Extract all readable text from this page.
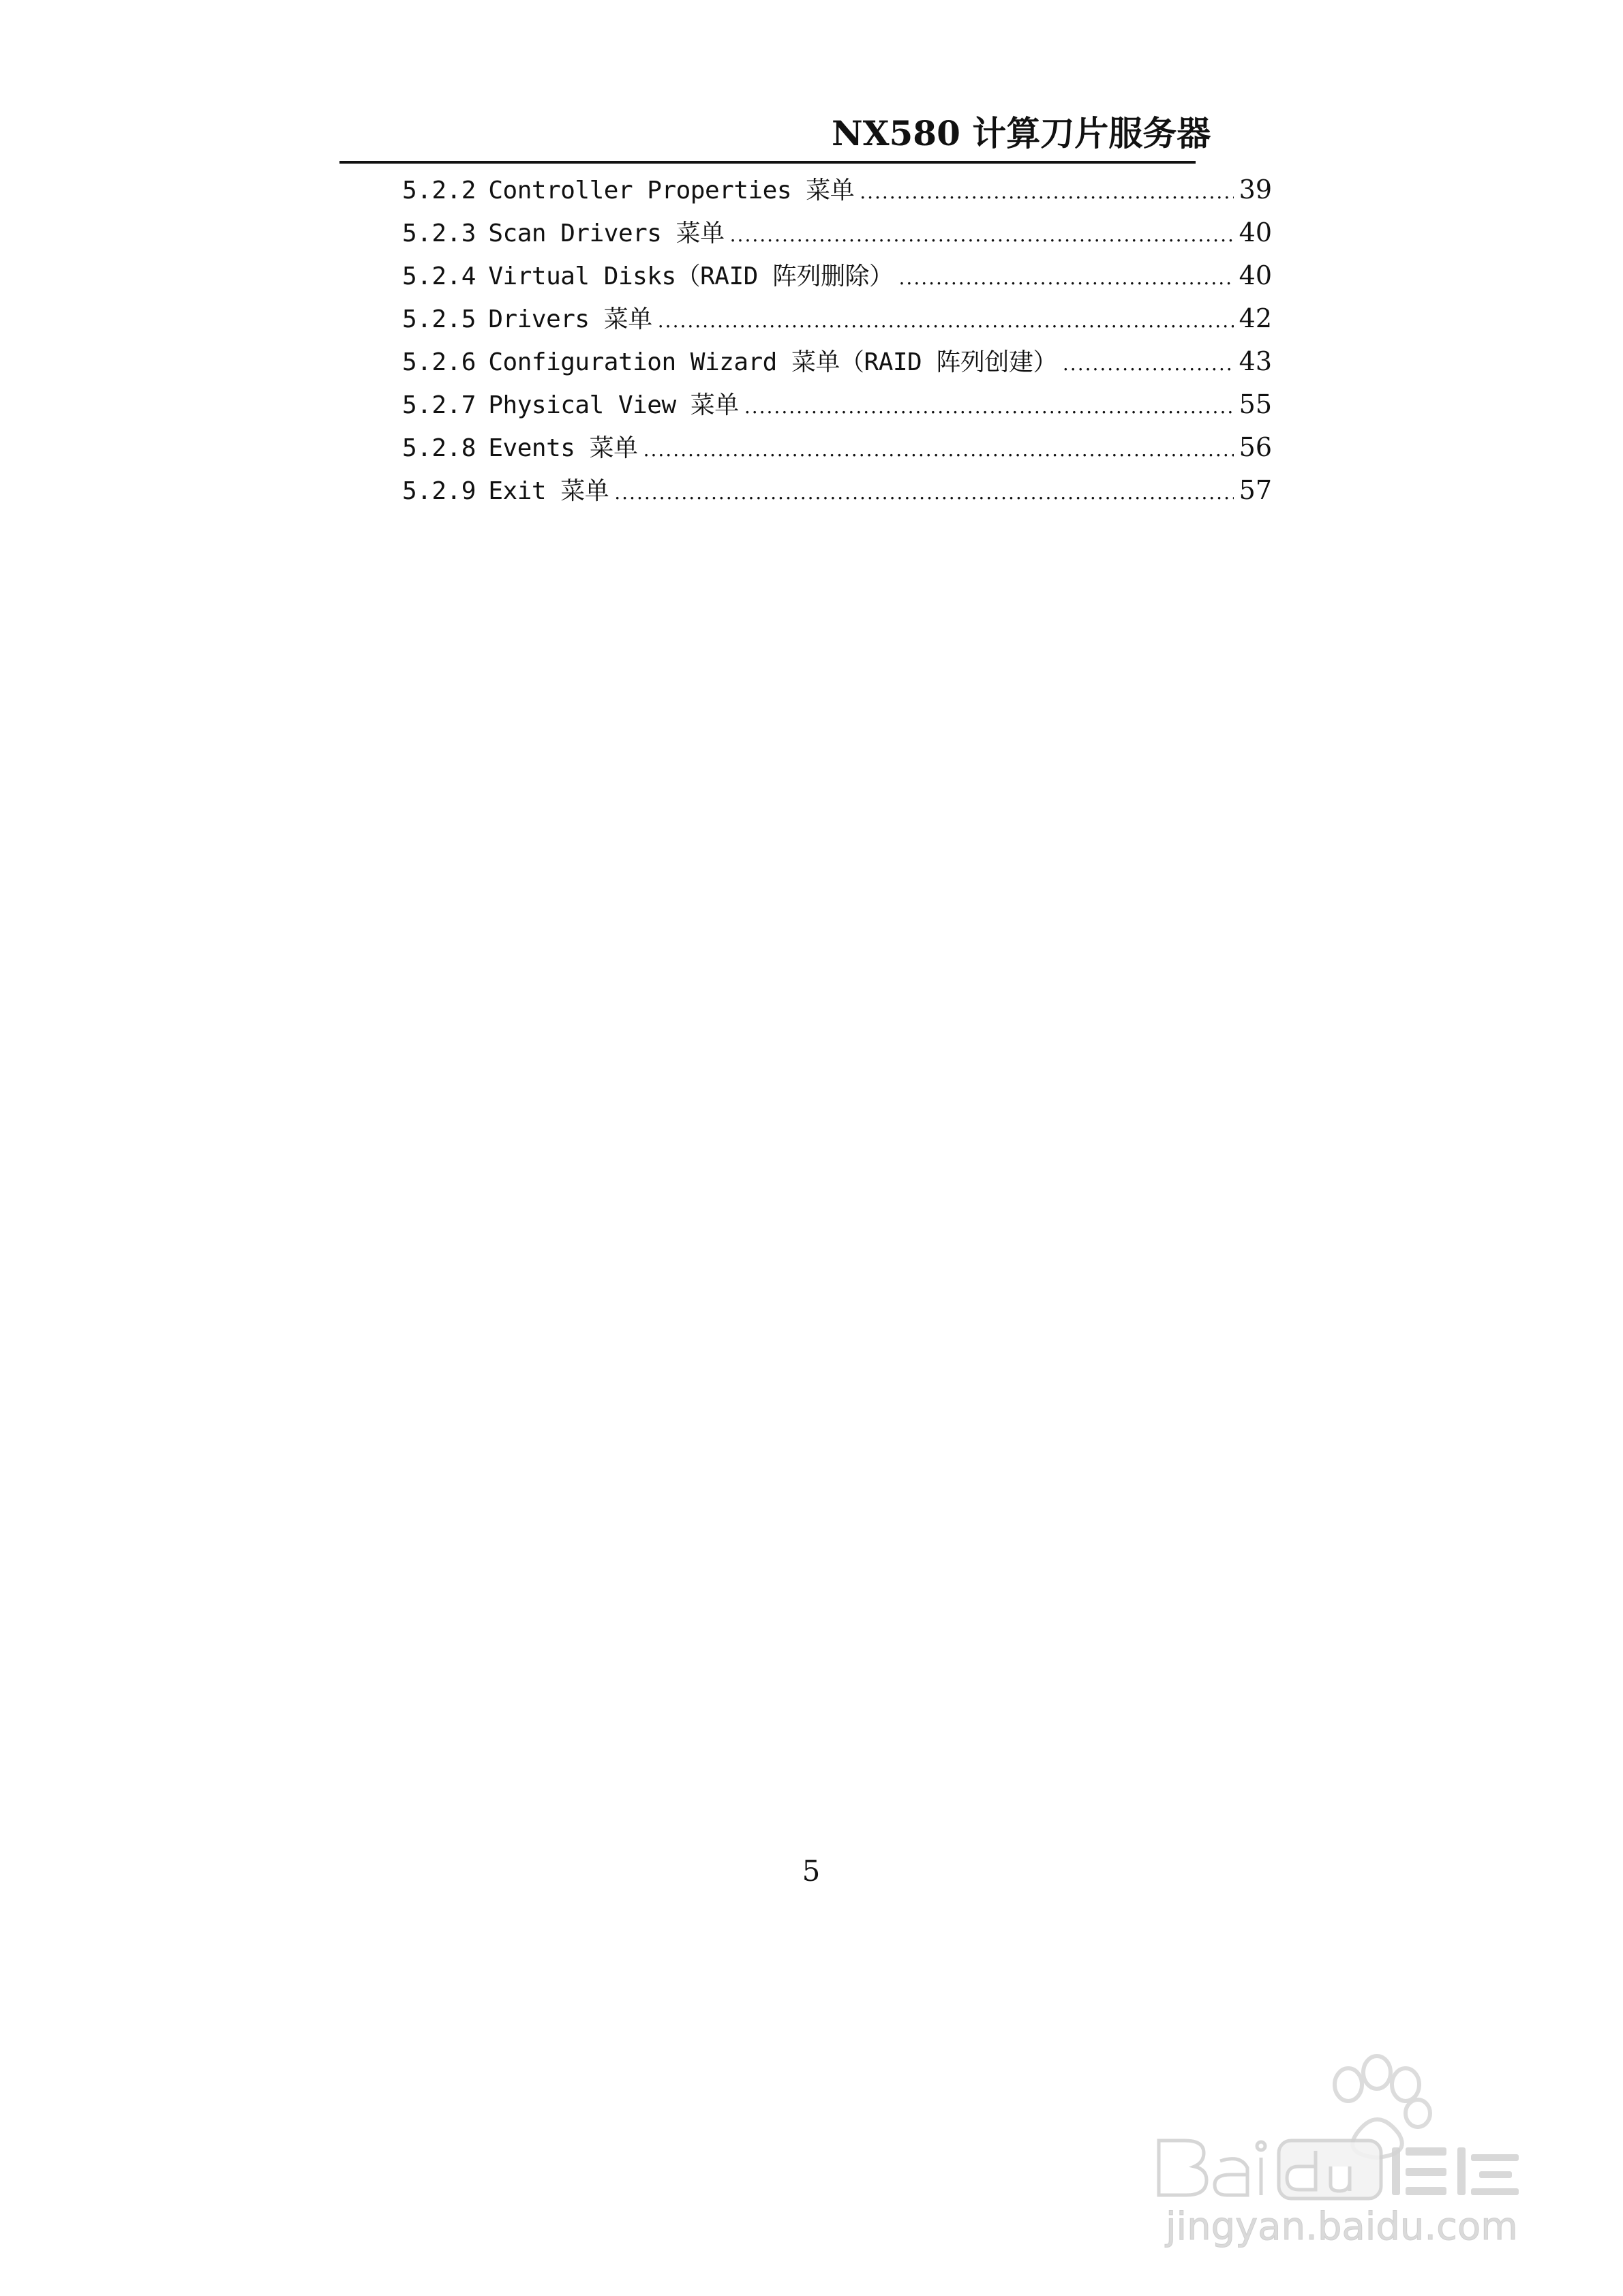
NX580 计算刀片服务器
5.2.2 Controller Properties 菜单 .....	39
5.2.3 Scan Drivers 菜单 .....	40
5.2.4 Virtual Disks（RAID 阵列删除） .....	40
5.2.5 Drivers 菜单 .....	42
5.2.6 Configuration Wizard 菜单（RAID 阵列创建） .....	43
5.2.7 Physical View 菜单 .....	55
5.2.8 Events 菜单 .....	56
5.2.9 Exit 菜单 .....	57
5
jingyan.baidu.com
